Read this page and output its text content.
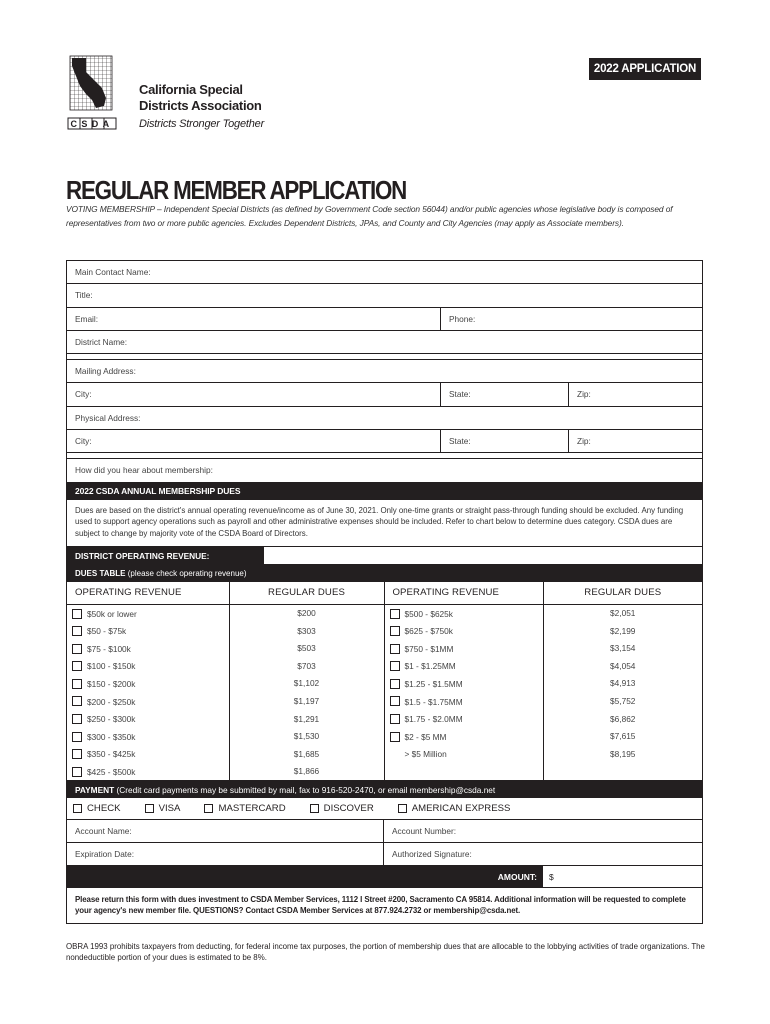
2022 APPLICATION
CSDA
California Special
Districts Association
Districts Stronger Together
REGULAR MEMBER APPLICATION
VOTING MEMBERSHIP – Independent Special Districts (as defined by Government Code section 56044) and/or public agencies whose legislative body is composed of representatives from two or more public agencies. Excludes Dependent Districts, JPAs, and County and City Agencies (may apply as Associate members).
Main Contact Name:
Title:
Email:	Phone:
District Name:
Mailing Address:
City:	State:	Zip:
Physical Address:
City:	State:	Zip:
How did you hear about membership:
2022 CSDA ANNUAL MEMBERSHIP DUES
Dues are based on the district's annual operating revenue/income as of June 30, 2021. Only one-time grants or straight pass-through funding should be excluded. Any funding used to support agency operations such as payroll and other administrative expenses should be included. Refer to chart below to determine dues category. CSDA dues are subject to change by majority vote of the CSDA Board of Directors.
DISTRICT OPERATING REVENUE:
DUES TABLE (please check operating revenue)
OPERATING REVENUE	REGULAR DUES	OPERATING REVENUE	REGULAR DUES
$50k or lower	$200	$500 - $625k	$2,051
$50 - $75k	$303	$625 - $750k	$2,199
$75 - $100k	$503	$750 - $1MM	$3,154
$100 - $150k	$703	$1 - $1.25MM	$4,054
$150 - $200k	$1,102	$1.25 - $1.5MM	$4,913
$200 - $250k	$1,197	$1.5 - $1.75MM	$5,752
$250 - $300k	$1,291	$1.75 - $2.0MM	$6,862
$300 - $350k	$1,530	$2 - $5 MM	$7,615
$350 - $425k	$1,685	> $5 Million	$8,195
$425 - $500k	$1,866		
PAYMENT (Credit card payments may be submitted by mail, fax to 916-520-2470, or email membership@csda.net
CHECK	VISA	MASTERCARD	DISCOVER	AMERICAN EXPRESS
Account Name:	Account Number:
Expiration Date:	Authorized Signature:
AMOUNT:	$
Please return this form with dues investment to CSDA Member Services, 1112 I Street #200, Sacramento CA 95814. Additional information will be requested to complete your agency's new member file. QUESTIONS? Contact CSDA Member Services at 877.924.2732 or membership@csda.net.
OBRA 1993 prohibits taxpayers from deducting, for federal income tax purposes, the portion of membership dues that are allocable to the lobbying activities of trade organizations. The nondeductible portion of your dues is estimated to be 8%.
